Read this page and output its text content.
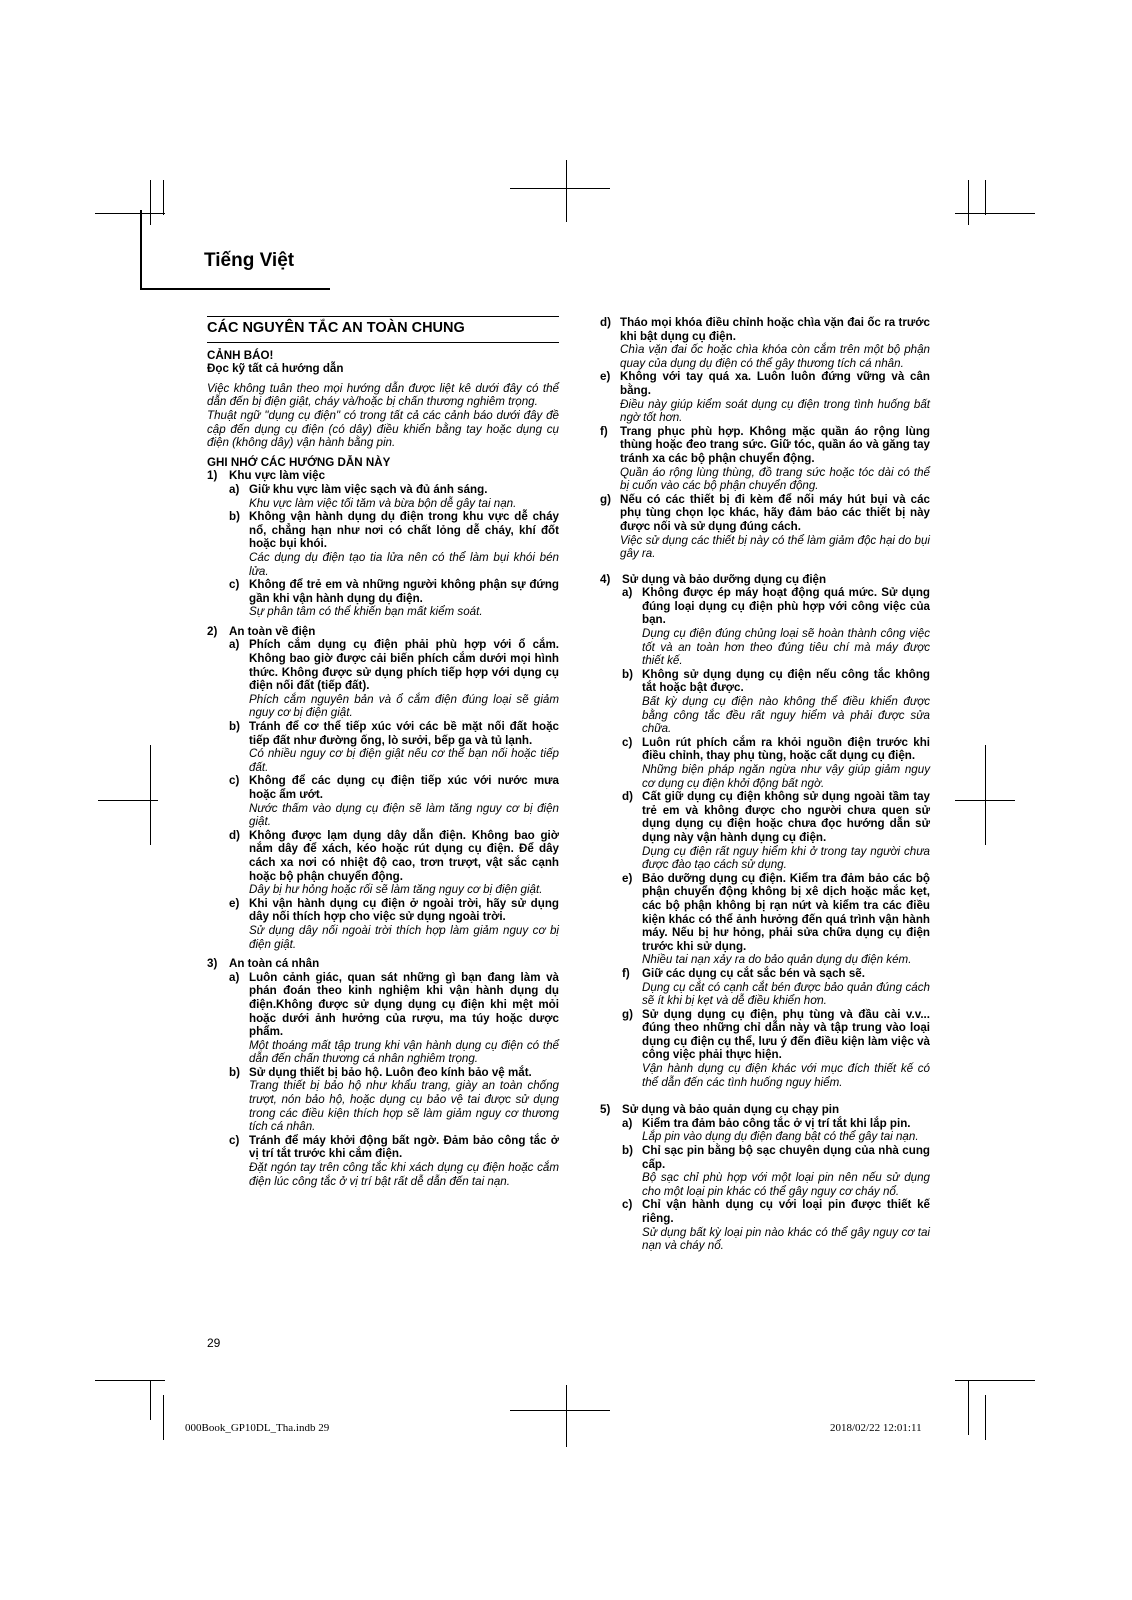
Tiếng Việt
CÁC NGUYÊN TẮC AN TOÀN CHUNG

CẢNH BÁO!

Đọc kỹ tất cả hướng dẫn

Việc không tuân theo mọi hướng dẫn được liệt kê dưới đây có thể dẫn đến bị điện giật, cháy và/hoặc bị chấn thương nghiêm trọng.

Thuật ngữ "dụng cụ điện" có trong tất cả các cảnh báo dưới đây đề cập đến dụng cụ điện (có dây) điều khiển bằng tay hoặc dụng cụ điện (không dây) vận hành bằng pin.

GHI NHỚ CÁC HƯỚNG DẪN NÀY

1)	Khu vực làm việc
a) Giữ khu vực làm việc sạch và đủ ánh sáng.

Khu vực làm việc tối tăm và bừa bộn dễ gây tai nạn.

b) Không vận hành dụng dụ điện trong khu vực dễ cháy nổ, chẳng hạn như nơi có chất lỏng dễ cháy, khí đốt hoặc bụi khói.

Các dụng dụ điện tạo tia lửa nên có thể làm bụi khói bén lửa.

c) Không để trẻ em và những người không phận sự đứng gần khi vận hành dụng dụ điện.

Sự phân tâm có thể khiến bạn mất kiểm soát.

2)	An toàn về điện
a) Phích cắm dụng cụ điện phải phù hợp với ổ cắm. Không bao giờ được cải biến phích cắm dưới mọi hình thức. Không được sử dụng phích tiếp hợp với dụng cụ điện nối đất (tiếp đất).

Phích cắm nguyên bản và ổ cắm điện đúng loại sẽ giảm nguy cơ bị điện giật.

b) Tránh để cơ thể tiếp xúc với các bề mặt nối đất hoặc tiếp đất như đường ống, lò sưởi, bếp ga và tủ lạnh.

Có nhiều nguy cơ bị điện giật nếu cơ thể bạn nối hoặc tiếp đất.

c) Không để các dụng cụ điện tiếp xúc với nước mưa hoặc ẩm ướt.

Nước thấm vào dụng cụ điện sẽ làm tăng nguy cơ bị điện giật.

d) Không được lạm dụng dây dẫn điện. Không bao giờ nắm dây để xách, kéo hoặc rút dụng cụ điện. Để dây cách xa nơi có nhiệt độ cao, trơn trượt, vật sắc cạnh hoặc bộ phận chuyển động.

Dây bị hư hỏng hoặc rối sẽ làm tăng nguy cơ bị điện giật.

e) Khi vận hành dụng cụ điện ở ngoài trời, hãy sử dụng dây nối thích hợp cho việc sử dụng ngoài trời.

Sử dụng dây nối ngoài trời thích hợp làm giảm nguy cơ bị điện giật.

3)	An toàn cá nhân
a) Luôn cảnh giác, quan sát những gì bạn đang làm và phán đoán theo kinh nghiệm khi vận hành dụng dụ điện.Không được sử dụng dụng cụ điện khi mệt mỏi hoặc dưới ảnh hưởng của rượu, ma túy hoặc dược phẩm.

Một thoáng mất tập trung khi vận hành dụng cụ điện có thể dẫn đến chấn thương cá nhân nghiêm trọng.

b) Sử dụng thiết bị bảo hộ. Luôn đeo kính bảo vệ mắt.

Trang thiết bị bảo hộ như khẩu trang, giày an toàn chống trượt, nón bảo hộ, hoặc dụng cụ bảo vệ tai được sử dụng trong các điều kiện thích hợp sẽ làm giảm nguy cơ thương tích cá nhân.

c) Tránh để máy khởi động bất ngờ. Đảm bảo công tắc ở vị trí tắt trước khi cắm điện.

Đặt ngón tay trên công tắc khi xách dụng cụ điện hoặc cắm điện lúc công tắc ở vị trí bật rất dễ dẫn đến tai nạn.

d) Tháo mọi khóa điều chỉnh hoặc chìa vặn đai ốc ra trước khi bật dụng cụ điện.

Chìa vặn đai ốc hoặc chìa khóa còn cắm trên một bộ phận quay của dụng dụ điện có thể gây thương tích cá nhân.

e) Không với tay quá xa. Luôn luôn đứng vững và cân bằng.

Điều này giúp kiểm soát dụng cụ điện trong tình huống bất ngờ tốt hơn.

f)	Trang phục phù hợp. Không mặc quần áo rộng lùng thùng hoặc đeo trang sức. Giữ tóc, quần áo và găng tay tránh xa các bộ phận chuyển động.

Quần áo rộng lùng thùng, đồ trang sức hoặc tóc dài có thể bị cuốn vào các bộ phận chuyển động.

g) Nếu có các thiết bị đi kèm để nối máy hút bụi và các phụ tùng chọn lọc khác, hãy đảm bảo các thiết bị này được nối và sử dụng đúng cách.

Việc sử dụng các thiết bị này có thể làm giảm độc hại do bụi gây ra.

4)	Sử dụng và bảo dưỡng dụng cụ điện
a) Không được ép máy hoạt động quá mức. Sử dụng đúng loại dụng cụ điện phù hợp với công việc của bạn.

Dụng cụ điện đúng chủng loại sẽ hoàn thành công việc tốt và an toàn hơn theo đúng tiêu chí mà máy được thiết kế.

b) Không sử dụng dụng cụ điện nếu công tắc không tắt hoặc bật được.

Bất kỳ dụng cụ điện nào không thể điều khiển được bằng công tắc đều rất nguy hiểm và phải được sửa chữa.

c) Luôn rút phích cắm ra khỏi nguồn điện trước khi điều chỉnh, thay phụ tùng, hoặc cất dụng cụ điện.

Những biện pháp ngăn ngừa như vậy giúp giảm nguy cơ dụng cụ điện khởi động bất ngờ.

d) Cất giữ dụng cụ điện không sử dụng ngoài tầm tay trẻ em và không được cho người chưa quen sử dụng dụng cụ điện hoặc chưa đọc hướng dẫn sử dụng này vận hành dụng cụ điện.

Dụng cụ điện rất nguy hiểm khi ở trong tay người chưa được đào tạo cách sử dụng.

e) Bảo dưỡng dụng cụ điện. Kiểm tra đảm bảo các bộ phận chuyển động không bị xê dịch hoặc mắc kẹt, các bộ phận không bị rạn nứt và kiểm tra các điều kiện khác có thể ảnh hưởng đến quá trình vận hành máy. Nếu bị hư hỏng, phải sửa chữa dụng cụ điện trước khi sử dụng.

Nhiều tai nạn xảy ra do bảo quản dụng dụ điện kém.

f)	Giữ các dụng cụ cắt sắc bén và sạch sẽ.

Dụng cụ cắt có cạnh cắt bén được bảo quản đúng cách sẽ ít khi bị kẹt và dễ điều khiển hơn.

g) Sử dụng dụng cụ điện, phụ tùng và đầu cài v.v... đúng theo những chỉ dẫn này và tập trung vào loại dụng cụ điện cụ thể, lưu ý đến điều kiện làm việc và công việc phải thực hiện.

Vận hành dụng cụ điện khác với mục đích thiết kế có thể dẫn đến các tình huống nguy hiểm.

5)	Sử dụng và bảo quản dụng cụ chạy pin
a) Kiểm tra đảm bảo công tắc ở vị trí tắt khi lắp pin.

Lắp pin vào dụng dụ điện đang bật có thể gây tai nạn.

b) Chỉ sạc pin bằng bộ sạc chuyên dụng của nhà cung cấp.

Bộ sạc chỉ phù hợp với một loại pin nên nếu sử dụng cho một loại pin khác có thể gây nguy cơ cháy nổ.

c) Chỉ vận hành dụng cụ với loại pin được thiết kế riêng.

Sử dụng bất kỳ loại pin nào khác có thể gây nguy cơ tai nạn và cháy nổ.

29
000Book_GP10DL_Tha.indb 29	2018/02/22 12:01:11
